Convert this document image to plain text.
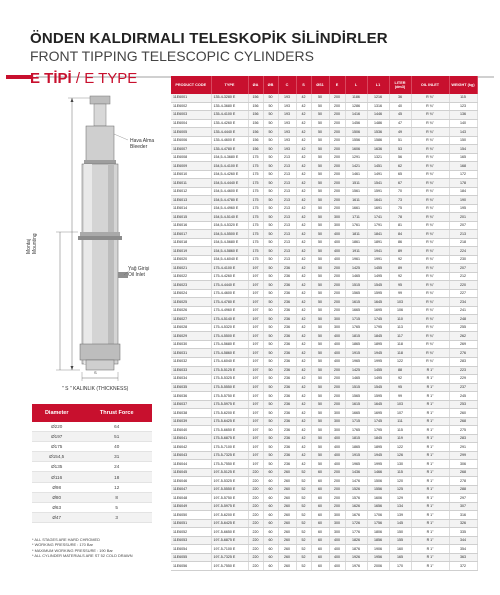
ÖNDEN KALDIRMALI TELESKOPİK SİLİNDİRLER
FRONT TIPPING TELESCOPIC CYLINDERS
E TİPİ / E TYPE
Hava Alma
Bleeder
Yağ Girişi
Oil Inlet
Montaj
Mounting
S
" S " KALINLIK (THICKNESS)
Diameter	Thrust Force
Ø220	64
Ø197	51
Ø175	40
Ø154,5	31
Ø135	24
Ø116	18
Ø98	12
Ø80	8
Ø63	5
Ø47	3
* ALL STAGES ARE HARD CHROMED
* WORKING PRESSURE : 170 Bar
* MAXIMUM WORKING PRESSURE : 190 Bar
* ALL CYLINDER MATERIALS ARE ST 52 COLD DRAWN
PRODUCT CODE	TYPE	ØA	ØB	C	S	ØS1	E	L	L1	LITER (dm3)	OIL INLET	WEIGHT (kg)
11E6001	135-4-3280 E	156	50	193	42	50	200	1186	1216	36	R ¾"	115
11E6002	135-4-3680 E	156	50	193	42	50	200	1286	1316	40	R ¾"	123
11E6003	135-4-4100 E	156	50	193	42	50	200	1416	1446	45	R ¾"	136
11E6004	135-4-4260 E	156	50	193	42	50	200	1456	1486	47	R ¾"	140
11E6005	135-4-4440 E	156	50	193	42	50	200	1506	1536	49	R ¾"	143
11E6006	135-4-4600 E	156	50	193	42	50	200	1556	1586	51	R ¾"	150
11E6007	135-4-4780 E	156	50	193	42	50	200	1606	1636	53	R ¾"	154
11E6008	154,5-4-3680 E	175	50	213	42	50	200	1291	1321	56	R ¾"	165
11E6009	154,5-4-4100 E	175	50	213	42	50	200	1421	1451	62	R ¾"	168
11E6010	154,5-4-4260 E	175	50	213	42	50	200	1461	1491	65	R ¾"	172
11E6011	154,5-4-4440 E	175	50	213	42	50	200	1511	1541	67	R ¾"	178
11E6012	154,5-4-4600 E	175	50	213	42	50	200	1561	1591	70	R ¾"	184
11E6013	154,5-4-4780 E	175	50	213	42	50	200	1611	1641	73	R ¾"	190
11E6014	154,5-4-4960 E	175	50	213	42	50	200	1661	1691	75	R ¾"	195
11E6015	154,5-4-5140 E	175	50	213	42	50	300	1711	1741	78	R ¾"	201
11E6016	154,5-4-5320 E	175	50	213	42	50	300	1761	1791	81	R ¾"	207
11E6017	154,5-4-5500 E	175	50	213	42	50	400	1811	1841	84	R ¾"	213
11E6018	154,5-4-5680 E	175	50	213	42	50	400	1861	1891	86	R ¾"	218
11E6019	154,5-4-5860 E	175	50	213	42	50	400	1911	1941	89	R ¾"	224
11E6020	154,5-4-6040 E	175	50	213	42	50	400	1961	1991	92	R ¾"	230
11E6021	175-4-4100 E	197	50	236	42	50	200	1425	1455	89	R ¾"	207
11E6022	175-4-4260 E	197	50	236	42	50	200	1465	1495	92	R ¾"	212
11E6023	175-4-4440 E	197	50	236	42	50	200	1515	1545	95	R ¾"	220
11E6024	175-4-4600 E	197	50	236	42	50	200	1565	1595	99	R ¾"	227
11E6025	175-4-4780 E	197	50	236	42	50	200	1615	1645	103	R ¾"	234
11E6026	175-4-4960 E	197	50	236	42	50	200	1665	1695	106	R ¾"	241
11E6027	175-4-5140 E	197	50	236	42	50	300	1715	1745	110	R ¾"	248
11E6028	175-4-5320 E	197	50	236	42	50	300	1765	1795	113	R ¾"	255
11E6029	175-4-5500 E	197	50	236	42	50	400	1815	1845	117	R ¾"	262
11E6030	175-4-5680 E	197	50	236	42	50	400	1865	1895	118	R ¾"	269
11E6031	175-4-5860 E	197	50	236	42	50	400	1915	1945	118	R ¾"	276
11E6032	175-4-6040 E	197	50	236	42	50	400	1965	1995	122	R ¾"	283
11E6033	175-5-5125 E	197	50	236	42	50	200	1425	1455	88	R 1"	223
11E6034	175-5-5325 E	197	50	236	42	50	200	1465	1495	92	R 1"	229
11E6035	175-5-5550 E	197	50	236	42	50	200	1515	1545	95	R 1"	237
11E6036	175-5-5750 E	197	50	236	42	50	200	1565	1595	99	R 1"	245
11E6037	175-5-5975 E	197	50	236	42	50	200	1615	1645	103	R 1"	253
11E6038	175-5-6200 E	197	50	236	42	50	300	1665	1695	107	R 1"	260
11E6039	175-5-6425 E	197	50	236	42	50	300	1715	1745	111	R 1"	268
11E6040	175-5-6650 E	197	50	236	42	50	300	1765	1795	115	R 1"	275
11E6041	175-5-6875 E	197	50	236	42	50	400	1815	1845	119	R 1"	283
11E6042	175-5-7100 E	197	50	236	42	50	400	1865	1895	122	R 1"	291
11E6043	175-5-7325 E	197	50	236	42	50	400	1915	1945	126	R 1"	299
11E6044	175-5-7550 E	197	50	236	42	50	400	1965	1995	130	R 1"	306
11E6045	197-5-5125 E	220	60	260	52	60	200	1436	1466	115	R 1"	268
11E6046	197-5-5325 E	220	60	260	52	60	200	1476	1506	120	R 1"	278
11E6047	197-5-5550 E	220	60	260	52	60	200	1526	1556	125	R 1"	288
11E6048	197-5-5750 E	220	60	260	52	60	200	1576	1606	129	R 1"	297
11E6049	197-5-5975 E	220	60	260	52	60	200	1626	1656	134	R 1"	307
11E6050	197-5-6200 E	220	60	260	52	60	300	1676	1706	139	R 1"	316
11E6051	197-5-6425 E	220	60	260	52	60	300	1726	1756	145	R 1"	326
11E6052	197-5-6650 E	220	60	260	52	60	300	1776	1806	150	R 1"	335
11E6053	197-5-6875 E	220	60	260	52	60	400	1826	1856	155	R 1"	344
11E6054	197-5-7100 E	220	60	260	52	60	400	1876	1906	160	R 1"	354
11E6055	197-5-7325 E	220	60	260	52	60	400	1926	1956	165	R 1"	363
11E6056	197-5-7550 E	220	60	260	52	60	400	1976	2006	170	R 1"	372
